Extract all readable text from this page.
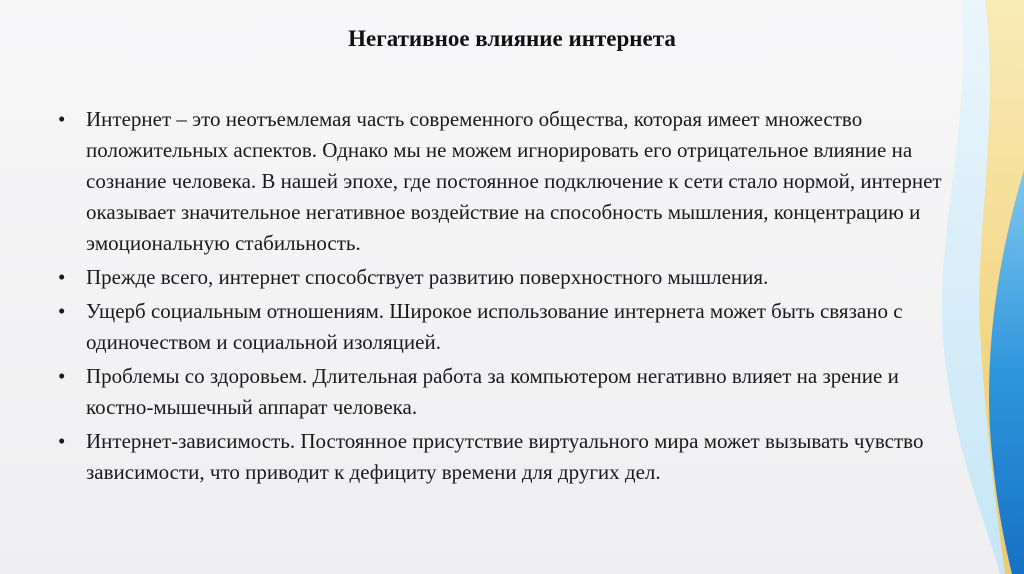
Негативное влияние интернета
• Интернет – это неотъемлемая часть современного общества, которая имеет множество положительных аспектов. Однако мы не можем игнорировать его отрицательное влияние на сознание человека. В нашей эпохе, где постоянное подключение к сети стало нормой, интернет оказывает значительное негативное воздействие на способность мышления, концентрацию и эмоциональную стабильность.
• Прежде всего, интернет способствует развитию поверхностного мышления.
• Ущерб социальным отношениям. Широкое использование интернета может быть связано с одиночеством и социальной изоляцией.
• Проблемы со здоровьем. Длительная работа за компьютером негативно влияет на зрение и костно-мышечный аппарат человека.
• Интернет-зависимость. Постоянное присутствие виртуального мира может вызывать чувство зависимости, что приводит к дефициту времени для других дел.
